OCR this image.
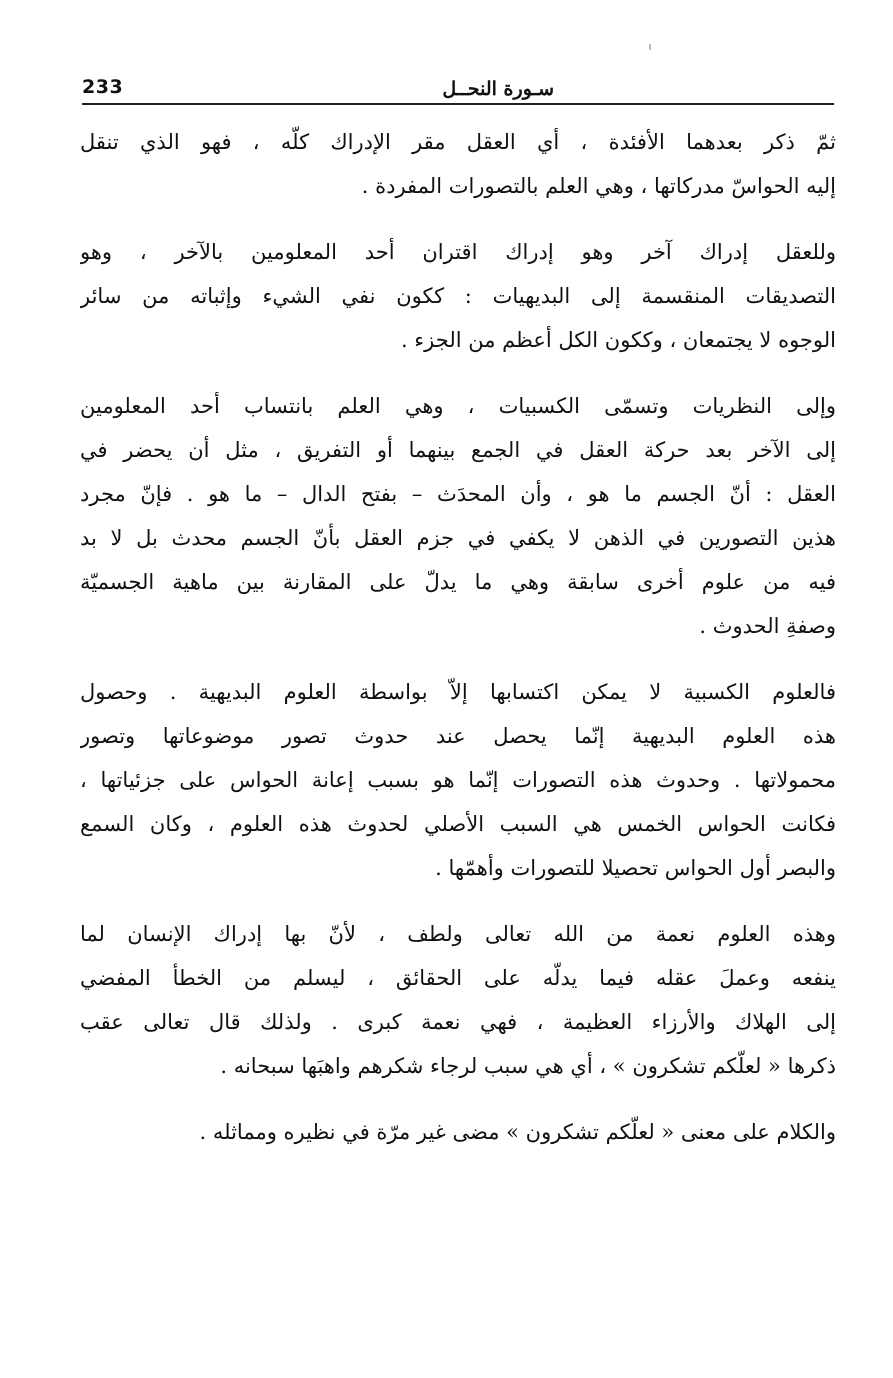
233	سـورة النحــل
ثمّ ذكر بعدهما الأفئدة ، أي العقل مقر الإدراك كلّه ، فهو الذي تنقل
إليه الحواسّ مدركاتها ، وهي العلم بالتصورات المفردة .
وللعقل إدراك آخر وهو إدراك اقتران أحد المعلومين بالآخر ، وهو
التصديقات المنقسمة إلى البديهيات : ككون نفي الشيء وإثباته من سائر
الوجوه لا يجتمعان ، وككون الكل أعظم من الجزء .
وإلى النظريات وتسمّى الكسبيات ، وهي العلم بانتساب أحد المعلومين
إلى الآخر بعد حركة العقل في الجمع بينهما أو التفريق ، مثل أن يحضر في
العقل : أنّ الجسم ما هو ، وأن المحدَث – بفتح الدال – ما هو . فإنّ مجرد
هذين التصورين في الذهن لا يكفي في جزم العقل بأنّ الجسم محدث بل لا بد
فيه من علوم أخرى سابقة وهي ما يدلّ على المقارنة بين ماهية الجسميّة
وصفةِ الحدوث .
فالعلوم الكسبية لا يمكن اكتسابها إلاّ بواسطة العلوم البديهية . وحصول
هذه العلوم البديهية إنّما يحصل عند حدوث تصور موضوعاتها وتصور
محمولاتها . وحدوث هذه التصورات إنّما هو بسبب إعانة الحواس على جزئياتها ،
فكانت الحواس الخمس هي السبب الأصلي لحدوث هذه العلوم ، وكان السمع
والبصر أول الحواس تحصيلا للتصورات وأهمّها .
وهذه العلوم نعمة من الله تعالى ولطف ، لأنّ بها إدراك الإنسان لما
ينفعه وعملَ عقله فيما يدلّه على الحقائق ، ليسلم من الخطأ المفضي
إلى الهلاك والأرزاء العظيمة ، فهي نعمة كبرى . ولذلك قال تعالى عقب
ذكرها « لعلّكم تشكرون » ، أي هي سبب لرجاء شكرهم واهبَها سبحانه .
والكلام على معنى « لعلّكم تشكرون » مضى غير مرّة في نظيره ومماثله .
